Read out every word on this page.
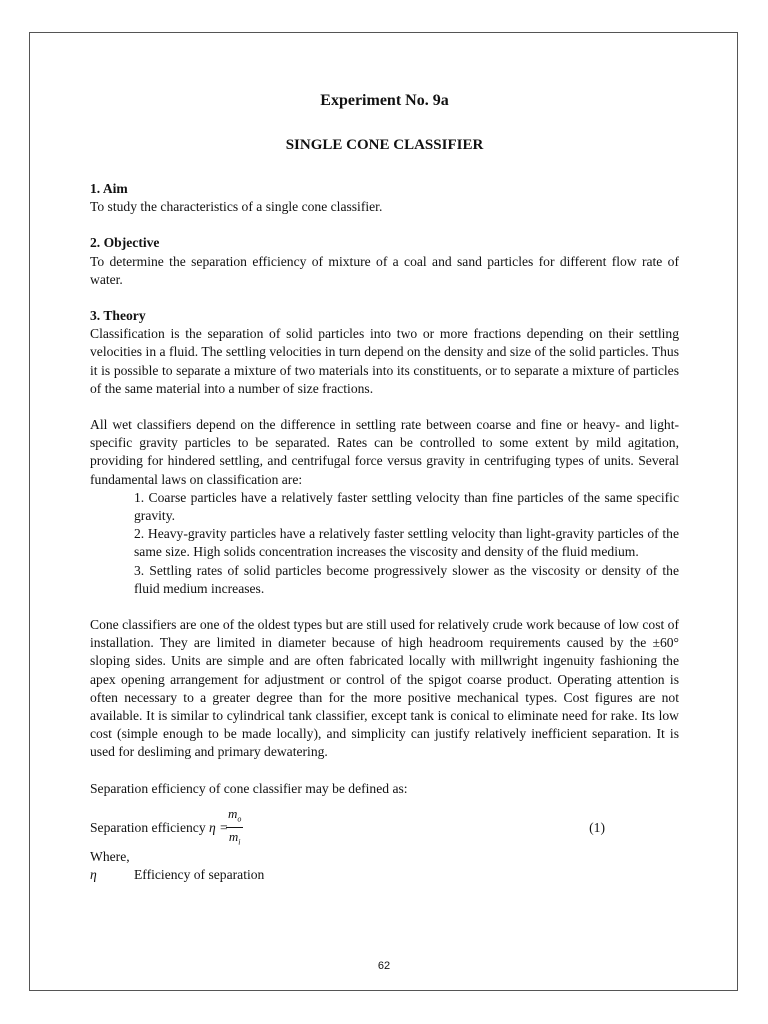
Experiment No. 9a

SINGLE CONE CLASSIFIER

1. Aim

To study the characteristics of a single cone classifier.

2. Objective

To determine the separation efficiency of mixture of a coal and sand particles for different flow rate of water.

3. Theory

Classification is the separation of solid particles into two or more fractions depending on their settling velocities in a fluid. The settling velocities in turn depend on the density and size of the solid particles. Thus it is possible to separate a mixture of two materials into its constituents, or to separate a mixture of particles of the same material into a number of size fractions.

All wet classifiers depend on the difference in settling rate between coarse and fine or heavy- and light-specific gravity particles to be separated. Rates can be controlled to some extent by mild agitation, providing for hindered settling, and centrifugal force versus gravity in centrifuging types of units. Several fundamental laws on classification are:

1. Coarse particles have a relatively faster settling velocity than fine particles of the same specific gravity.

2. Heavy-gravity particles have a relatively faster settling velocity than light-gravity particles of the same size. High solids concentration increases the viscosity and density of the fluid medium.

3. Settling rates of solid particles become progressively slower as the viscosity or density of the fluid medium increases.

Cone classifiers are one of the oldest types but are still used for relatively crude work because of low cost of installation. They are limited in diameter because of high headroom requirements caused by the ±60° sloping sides. Units are simple and are often fabricated locally with millwright ingenuity fashioning the apex opening arrangement for adjustment or control of the spigot coarse product. Operating attention is often necessary to a greater degree than for the more positive mechanical types. Cost figures are not available. It is similar to cylindrical tank classifier, except tank is conical to eliminate need for rake. Its low cost (simple enough to be made locally), and simplicity can justify relatively inefficient separation. It is used for desliming and primary dewatering.

Separation efficiency of cone classifier may be defined as:

Separation efficiency η =
$\frac{m_o}{m_i}$	(1)

Where,

η	Efficiency of separation
62
